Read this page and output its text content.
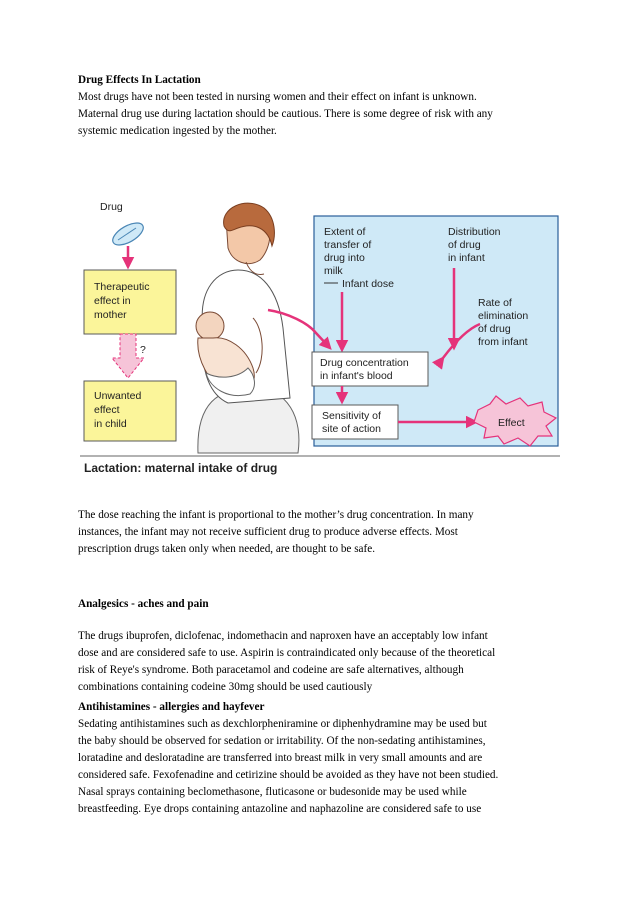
Drug Effects In Lactation

Most drugs have not been tested in nursing women and their effect on infant is unknown.

Maternal drug use during lactation should be cautious. There is some degree of risk with any

systemic medication ingested by the mother.

Drug
Therapeutic
effect in
mother
?
Unwanted
effect
in child
Extent of
transfer of
drug into
milk
Infant dose
Distribution
of drug
in infant
Rate of
elimination
of drug
from infant
Drug concentration
in infant's blood
Sensitivity of
site of action	Effect
Lactation: maternal intake of drug

The dose reaching the infant is proportional to the mother’s drug concentration. In many

instances, the infant may not receive sufficient drug to produce adverse effects. Most

prescription drugs taken only when needed, are thought to be safe.

Analgesics - aches and pain

The drugs ibuprofen, diclofenac, indomethacin and naproxen have an acceptably low infant

dose and are considered safe to use. Aspirin is contraindicated only because of the theoretical

risk of Reye's syndrome. Both paracetamol and codeine are safe alternatives, although

combinations containing codeine 30mg should be used cautiously

Antihistamines - allergies and hayfever

Sedating antihistamines such as dexchlorpheniramine or diphenhydramine may be used but

the baby should be observed for sedation or irritability. Of the non-sedating antihistamines,

loratadine and desloratadine are transferred into breast milk in very small amounts and are

considered safe. Fexofenadine and cetirizine should be avoided as they have not been studied.

Nasal sprays containing beclomethasone, fluticasone or budesonide may be used while

breastfeeding. Eye drops containing antazoline and naphazoline are considered safe to use
